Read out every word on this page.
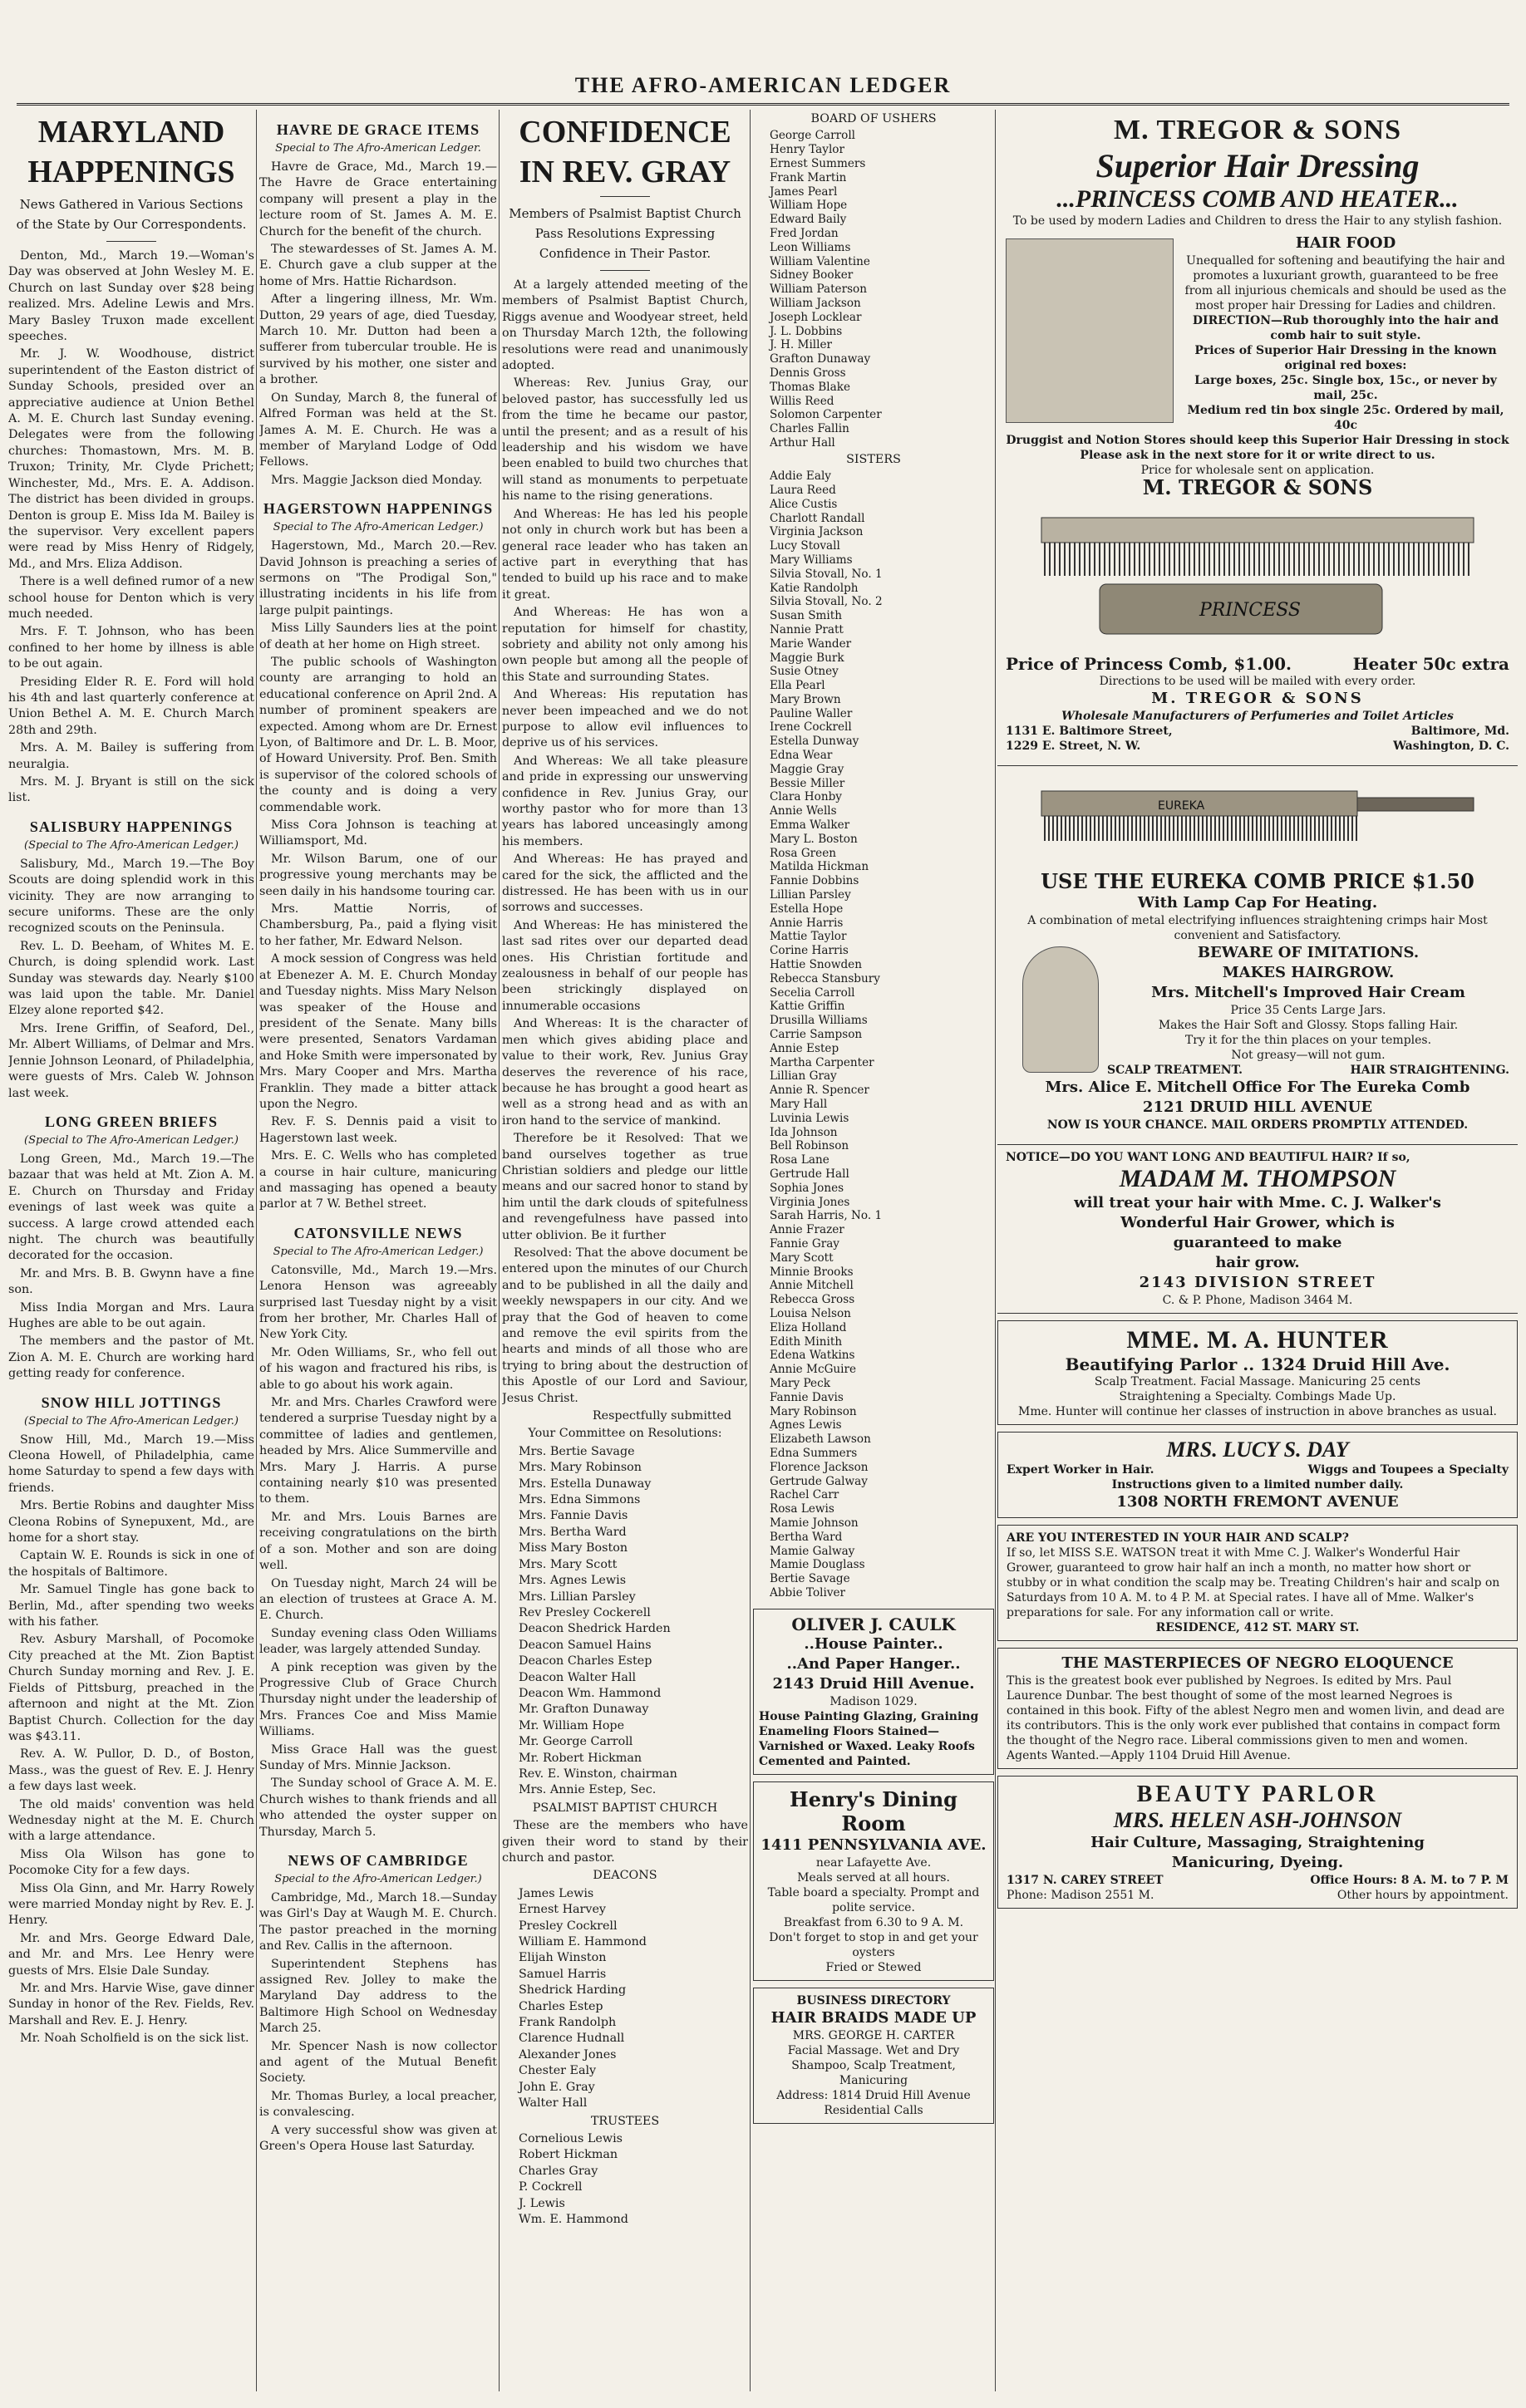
THE AFRO-AMERICAN LEDGER
MARYLAND
HAPPENINGS
News Gathered in Various Sections of the State by Our Correspondents.

Denton, Md., March 19.—Woman's Day was observed at John Wesley M. E. Church on last Sunday over $28 being realized. Mrs. Adeline Lewis and Mrs. Mary Basley Truxon made excellent speeches.

Mr. J. W. Woodhouse, district superintendent of the Easton district of Sunday Schools, presided over an appreciative audience at Union Bethel A. M. E. Church last Sunday evening. Delegates were from the following churches: Thomastown, Mrs. M. B. Truxon; Trinity, Mr. Clyde Prichett; Winchester, Md., Mrs. E. A. Addison. The district has been divided in groups. Denton is group E. Miss Ida M. Bailey is the supervisor. Very excellent papers were read by Miss Henry of Ridgely, Md., and Mrs. Eliza Addison.

There is a well defined rumor of a new school house for Denton which is very much needed.

Mrs. F. T. Johnson, who has been confined to her home by illness is able to be out again.

Presiding Elder R. E. Ford will hold his 4th and last quarterly conference at Union Bethel A. M. E. Church March 28th and 29th.

Mrs. A. M. Bailey is suffering from neuralgia.

Mrs. M. J. Bryant is still on the sick list.

SALISBURY HAPPENINGS
(Special to The Afro-American Ledger.)

Salisbury, Md., March 19.—The Boy Scouts are doing splendid work in this vicinity. They are now arranging to secure uniforms. These are the only recognized scouts on the Peninsula.

Rev. L. D. Beeham, of Whites M. E. Church, is doing splendid work. Last Sunday was stewards day. Nearly $100 was laid upon the table. Mr. Daniel Elzey alone reported $42.

Mrs. Irene Griffin, of Seaford, Del., Mr. Albert Williams, of Delmar and Mrs. Jennie Johnson Leonard, of Philadelphia, were guests of Mrs. Caleb W. Johnson last week.

LONG GREEN BRIEFS
(Special to The Afro-American Ledger.)

Long Green, Md., March 19.—The bazaar that was held at Mt. Zion A. M. E. Church on Thursday and Friday evenings of last week was quite a success. A large crowd attended each night. The church was beautifully decorated for the occasion.

Mr. and Mrs. B. B. Gwynn have a fine son.

Miss India Morgan and Mrs. Laura Hughes are able to be out again.

The members and the pastor of Mt. Zion A. M. E. Church are working hard getting ready for conference.

SNOW HILL JOTTINGS
(Special to The Afro-American Ledger.)

Snow Hill, Md., March 19.—Miss Cleona Howell, of Philadelphia, came home Saturday to spend a few days with friends.

Mrs. Bertie Robins and daughter Miss Cleona Robins of Synepuxent, Md., are home for a short stay.

Captain W. E. Rounds is sick in one of the hospitals of Baltimore.

Mr. Samuel Tingle has gone back to Berlin, Md., after spending two weeks with his father.

Rev. Asbury Marshall, of Pocomoke City preached at the Mt. Zion Baptist Church Sunday morning and Rev. J. E. Fields of Pittsburg, preached in the afternoon and night at the Mt. Zion Baptist Church. Collection for the day was $43.11.

Rev. A. W. Pullor, D. D., of Boston, Mass., was the guest of Rev. E. J. Henry a few days last week.

The old maids' convention was held Wednesday night at the M. E. Church with a large attendance.

Miss Ola Wilson has gone to Pocomoke City for a few days.

Miss Ola Ginn, and Mr. Harry Rowely were married Monday night by Rev. E. J. Henry.

Mr. and Mrs. George Edward Dale, and Mr. and Mrs. Lee Henry were guests of Mrs. Elsie Dale Sunday.

Mr. and Mrs. Harvie Wise, gave dinner Sunday in honor of the Rev. Fields, Rev. Marshall and Rev. E. J. Henry.

Mr. Noah Scholfield is on the sick list.

HAVRE DE GRACE ITEMS
Special to The Afro-American Ledger.

Havre de Grace, Md., March 19.—The Havre de Grace entertaining company will present a play in the lecture room of St. James A. M. E. Church for the benefit of the church.

The stewardesses of St. James A. M. E. Church gave a club supper at the home of Mrs. Hattie Richardson.

After a lingering illness, Mr. Wm. Dutton, 29 years of age, died Tuesday, March 10. Mr. Dutton had been a sufferer from tubercular trouble. He is survived by his mother, one sister and a brother.

On Sunday, March 8, the funeral of Alfred Forman was held at the St. James A. M. E. Church. He was a member of Maryland Lodge of Odd Fellows.

Mrs. Maggie Jackson died Monday.

HAGERSTOWN HAPPENINGS
Special to The Afro-American Ledger.)

Hagerstown, Md., March 20.—Rev. David Johnson is preaching a series of sermons on "The Prodigal Son," illustrating incidents in his life from large pulpit paintings.

Miss Lilly Saunders lies at the point of death at her home on High street.

The public schools of Washington county are arranging to hold an educational conference on April 2nd. A number of prominent speakers are expected. Among whom are Dr. Ernest Lyon, of Baltimore and Dr. L. B. Moor, of Howard University. Prof. Ben. Smith is supervisor of the colored schools of the county and is doing a very commendable work.

Miss Cora Johnson is teaching at Williamsport, Md.

Mr. Wilson Barum, one of our progressive young merchants may be seen daily in his handsome touring car.

Mrs. Mattie Norris, of Chambersburg, Pa., paid a flying visit to her father, Mr. Edward Nelson.

A mock session of Congress was held at Ebenezer A. M. E. Church Monday and Tuesday nights. Miss Mary Nelson was speaker of the House and president of the Senate. Many bills were presented, Senators Vardaman and Hoke Smith were impersonated by Mrs. Mary Cooper and Mrs. Martha Franklin. They made a bitter attack upon the Negro.

Rev. F. S. Dennis paid a visit to Hagerstown last week.

Mrs. E. C. Wells who has completed a course in hair culture, manicuring and massaging has opened a beauty parlor at 7 W. Bethel street.

CATONSVILLE NEWS
Special to The Afro-American Ledger.)

Catonsville, Md., March 19.—Mrs. Lenora Henson was agreeably surprised last Tuesday night by a visit from her brother, Mr. Charles Hall of New York City.

Mr. Oden Williams, Sr., who fell out of his wagon and fractured his ribs, is able to go about his work again.

Mr. and Mrs. Charles Crawford were tendered a surprise Tuesday night by a committee of ladies and gentlemen, headed by Mrs. Alice Summerville and Mrs. Mary J. Harris. A purse containing nearly $10 was presented to them.

Mr. and Mrs. Louis Barnes are receiving congratulations on the birth of a son. Mother and son are doing well.

On Tuesday night, March 24 will be an election of trustees at Grace A. M. E. Church.

Sunday evening class Oden Williams leader, was largely attended Sunday.

A pink reception was given by the Progressive Club of Grace Church Thursday night under the leadership of Mrs. Frances Coe and Miss Mamie Williams.

Miss Grace Hall was the guest Sunday of Mrs. Minnie Jackson.

The Sunday school of Grace A. M. E. Church wishes to thank friends and all who attended the oyster supper on Thursday, March 5.

NEWS OF CAMBRIDGE
Special to the Afro-American Ledger.)

Cambridge, Md., March 18.—Sunday was Girl's Day at Waugh M. E. Church. The pastor preached in the morning and Rev. Callis in the afternoon.

Superintendent Stephens has assigned Rev. Jolley to make the Maryland Day address to the Baltimore High School on Wednesday March 25.

Mr. Spencer Nash is now collector and agent of the Mutual Benefit Society.

Mr. Thomas Burley, a local preacher, is convalescing.

A very successful show was given at Green's Opera House last Saturday.

CONFIDENCE
IN REV. GRAY
Members of Psalmist Baptist Church Pass Resolutions Expressing Confidence in Their Pastor.

At a largely attended meeting of the members of Psalmist Baptist Church, Riggs avenue and Woodyear street, held on Thursday March 12th, the following resolutions were read and unanimously adopted.

Whereas: Rev. Junius Gray, our beloved pastor, has successfully led us from the time he became our pastor, until the present; and as a result of his leadership and his wisdom we have been enabled to build two churches that will stand as monuments to perpetuate his name to the rising generations.

And Whereas: He has led his people not only in church work but has been a general race leader who has taken an active part in everything that has tended to build up his race and to make it great.

And Whereas: He has won a reputation for himself for chastity, sobriety and ability not only among his own people but among all the people of this State and surrounding States.

And Whereas: His reputation has never been impeached and we do not purpose to allow evil influences to deprive us of his services.

And Whereas: We all take pleasure and pride in expressing our unswerving confidence in Rev. Junius Gray, our worthy pastor who for more than 13 years has labored unceasingly among his members.

And Whereas: He has prayed and cared for the sick, the afflicted and the distressed. He has been with us in our sorrows and successes.

And Whereas: He has ministered the last sad rites over our departed dead ones. His Christian fortitude and zealousness in behalf of our people has been strickingly displayed on innumerable occasions

And Whereas: It is the character of men which gives abiding place and value to their work, Rev. Junius Gray deserves the reverence of his race, because he has brought a good heart as well as a strong head and as with an iron hand to the service of mankind.

Therefore be it Resolved: That we band ourselves together as true Christian soldiers and pledge our little means and our sacred honor to stand by him until the dark clouds of spitefulness and revengefulness have passed into utter oblivion. Be it further

Resolved: That the above document be entered upon the minutes of our Church and to be published in all the daily and weekly newspapers in our city. And we pray that the God of heaven to come and remove the evil spirits from the hearts and minds of all those who are trying to bring about the destruction of this Apostle of our Lord and Saviour, Jesus Christ.

Respectfully submitted
Your Committee on Resolutions:
Mrs. Bertie Savage
Mrs. Mary Robinson
Mrs. Estella Dunaway
Mrs. Edna Simmons
Mrs. Fannie Davis
Mrs. Bertha Ward
Miss Mary Boston
Mrs. Mary Scott
Mrs. Agnes Lewis
Mrs. Lillian Parsley
Rev Presley Cockerell
Deacon Shedrick Harden
Deacon Samuel Hains
Deacon Charles Estep
Deacon Walter Hall
Deacon Wm. Hammond
Mr. Grafton Dunaway
Mr. William Hope
Mr. George Carroll
Mr. Robert Hickman
Rev. E. Winston, chairman
Mrs. Annie Estep, Sec.
PSALMIST BAPTIST CHURCH

These are the members who have given their word to stand by their church and pastor.

DEACONS
James Lewis
Ernest Harvey
Presley Cockrell
William E. Hammond
Elijah Winston
Samuel Harris
Shedrick Harding
Charles Estep
Frank Randolph
Clarence Hudnall
Alexander Jones
Chester Ealy
John E. Gray
Walter Hall
TRUSTEES
Cornelious Lewis
Robert Hickman
Charles Gray
P. Cockrell
J. Lewis
Wm. E. Hammond
BOARD OF USHERS
George Carroll
Henry Taylor
Ernest Summers
Frank Martin
James Pearl
William Hope
Edward Baily
Fred Jordan
Leon Williams
William Valentine
Sidney Booker
William Paterson
William Jackson
Joseph Locklear
J. L. Dobbins
J. H. Miller
Grafton Dunaway
Dennis Gross
Thomas Blake
Willis Reed
Solomon Carpenter
Charles Fallin
Arthur Hall
SISTERS
Addie Ealy
Laura Reed
Alice Custis
Charlott Randall
Virginia Jackson
Lucy Stovall
Mary Williams
Silvia Stovall, No. 1
Katie Randolph
Silvia Stovall, No. 2
Susan Smith
Nannie Pratt
Marie Wander
Maggie Burk
Susie Otney
Ella Pearl
Mary Brown
Pauline Waller
Irene Cockrell
Estella Dunway
Edna Wear
Maggie Gray
Bessie Miller
Clara Honby
Annie Wells
Emma Walker
Mary L. Boston
Rosa Green
Matilda Hickman
Fannie Dobbins
Lillian Parsley
Estella Hope
Annie Harris
Mattie Taylor
Corine Harris
Hattie Snowden
Rebecca Stansbury
Secelia Carroll
Kattie Griffin
Drusilla Williams
Carrie Sampson
Annie Estep
Martha Carpenter
Lillian Gray
Annie R. Spencer
Mary Hall
Luvinia Lewis
Ida Johnson
Bell Robinson
Rosa Lane
Gertrude Hall
Sophia Jones
Virginia Jones
Sarah Harris, No. 1
Annie Frazer
Fannie Gray
Mary Scott
Minnie Brooks
Annie Mitchell
Rebecca Gross
Louisa Nelson
Eliza Holland
Edith Minith
Edena Watkins
Annie McGuire
Mary Peck
Fannie Davis
Mary Robinson
Agnes Lewis
Elizabeth Lawson
Edna Summers
Florence Jackson
Gertrude Galway
Rachel Carr
Rosa Lewis
Mamie Johnson
Bertha Ward
Mamie Galway
Mamie Douglass
Bertie Savage
Abbie Toliver
OLIVER J. CAULK
..House Painter..
..And Paper Hanger..
2143 Druid Hill Avenue.
Madison 1029.
House Painting Glazing, Graining Enameling Floors Stained—Varnished or Waxed. Leaky Roofs Cemented and Painted.
Henry's Dining Room
1411 PENNSYLVANIA AVE.
near Lafayette Ave.
Meals served at all hours.
Table board a specialty. Prompt and polite service.
Breakfast from 6.30 to 9 A. M.
Don't forget to stop in and get your oysters
Fried or Stewed
BUSINESS DIRECTORY
HAIR BRAIDS MADE UP
MRS. GEORGE H. CARTER
Facial Massage. Wet and Dry Shampoo, Scalp Treatment, Manicuring
Address: 1814 Druid Hill Avenue
Residential Calls
M. TREGOR & SONS
Superior Hair Dressing
...PRINCESS COMB AND HEATER...
To be used by modern Ladies and Children to dress the Hair to any stylish fashion.
HAIR FOOD
Unequalled for softening and beautifying the hair and promotes a luxuriant growth, guaranteed to be free from all injurious chemicals and should be used as the most proper hair Dressing for Ladies and children.
DIRECTION—Rub thoroughly into the hair and comb hair to suit style.
Prices of Superior Hair Dressing in the known original red boxes:
Large boxes, 25c. Single box, 15c., or never by mail, 25c.
Medium red tin box single 25c. Ordered by mail, 40c
Druggist and Notion Stores should keep this Superior Hair Dressing in stock Please ask in the next store for it or write direct to us.
Price for wholesale sent on application.
M. TREGOR & SONS
PRINCESS
Price of Princess Comb, $1.00.	Heater 50c extra
Directions to be used will be mailed with every order.
M. TREGOR & SONS
Wholesale Manufacturers of Perfumeries and Toilet Articles
1131 E. Baltimore Street,	Baltimore, Md.
1229 E. Street, N. W.	Washington, D. C.
EUREKA
USE THE EUREKA COMB PRICE $1.50
With Lamp Cap For Heating.
A combination of metal electrifying influences straightening crimps hair Most convenient and Satisfactory.
BEWARE OF IMITATIONS.
MAKES HAIRGROW.
Mrs. Mitchell's Improved Hair Cream
Price 35 Cents Large Jars.
Makes the Hair Soft and Glossy. Stops falling Hair.
Try it for the thin places on your temples.
Not greasy—will not gum.
SCALP TREATMENT.	HAIR STRAIGHTENING.
Mrs. Alice E. Mitchell Office For The Eureka Comb
2121 DRUID HILL AVENUE
NOW IS YOUR CHANCE. MAIL ORDERS PROMPTLY ATTENDED.
NOTICE—DO YOU WANT LONG AND BEAUTIFUL HAIR? If so,
MADAM M. THOMPSON
will treat your hair with Mme. C. J. Walker's
Wonderful Hair Grower, which is
guaranteed to make
hair grow.
2143 DIVISION STREET
C. & P. Phone, Madison 3464 M.
MME. M. A. HUNTER
Beautifying Parlor .. 1324 Druid Hill Ave.
Scalp Treatment. Facial Massage. Manicuring 25 cents
Straightening a Specialty. Combings Made Up.
Mme. Hunter will continue her classes of instruction in above branches as usual.
MRS. LUCY S. DAY
Expert Worker in Hair.	Wiggs and Toupees a Specialty
Instructions given to a limited number daily.
1308 NORTH FREMONT AVENUE
ARE YOU INTERESTED IN YOUR HAIR AND SCALP?
If so, let MISS S.E. WATSON treat it with Mme C. J. Walker's Wonderful Hair Grower, guaranteed to grow hair half an inch a month, no matter how short or stubby or in what condition the scalp may be. Treating Children's hair and scalp on Saturdays from 10 A. M. to 4 P. M. at Special rates. I have all of Mme. Walker's preparations for sale. For any information call or write.
RESIDENCE, 412 ST. MARY ST.
THE MASTERPIECES OF NEGRO ELOQUENCE
This is the greatest book ever published by Negroes. Is edited by Mrs. Paul Laurence Dunbar. The best thought of some of the most learned Negroes is contained in this book. Fifty of the ablest Negro men and women livin, and dead are its contributors. This is the only work ever published that contains in compact form the thought of the Negro race. Liberal commissions given to men and women. Agents Wanted.—Apply 1104 Druid Hill Avenue.
BEAUTY PARLOR
MRS. HELEN ASH-JOHNSON
Hair Culture, Massaging, Straightening
Manicuring, Dyeing.
1317 N. CAREY STREET	Office Hours: 8 A. M. to 7 P. M
Phone: Madison 2551 M.	Other hours by appointment.
